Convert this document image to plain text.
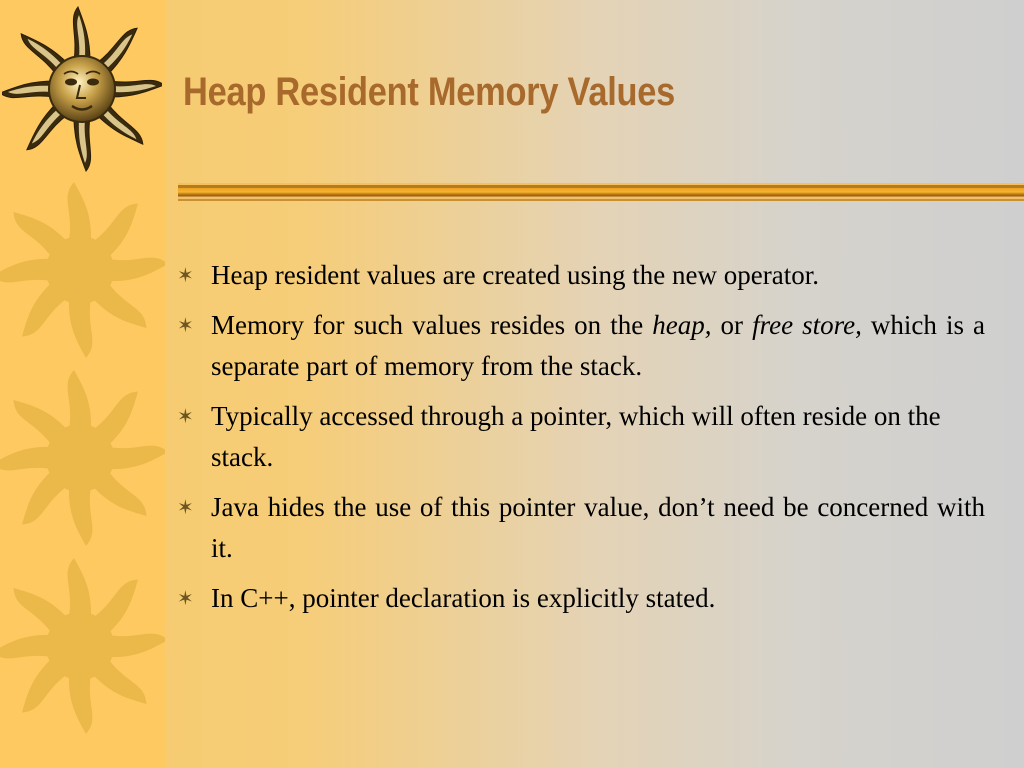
Heap Resident Memory Values
✶ Heap resident values are created using the new operator.
✶ Memory for such values resides on the heap, or free store, which is a separate part of memory from the stack.
✶ Typically accessed through a pointer, which will often reside on the stack.
✶ Java hides the use of this pointer value, don’t need be concerned with it.
✶ In C++, pointer declaration is explicitly stated.
